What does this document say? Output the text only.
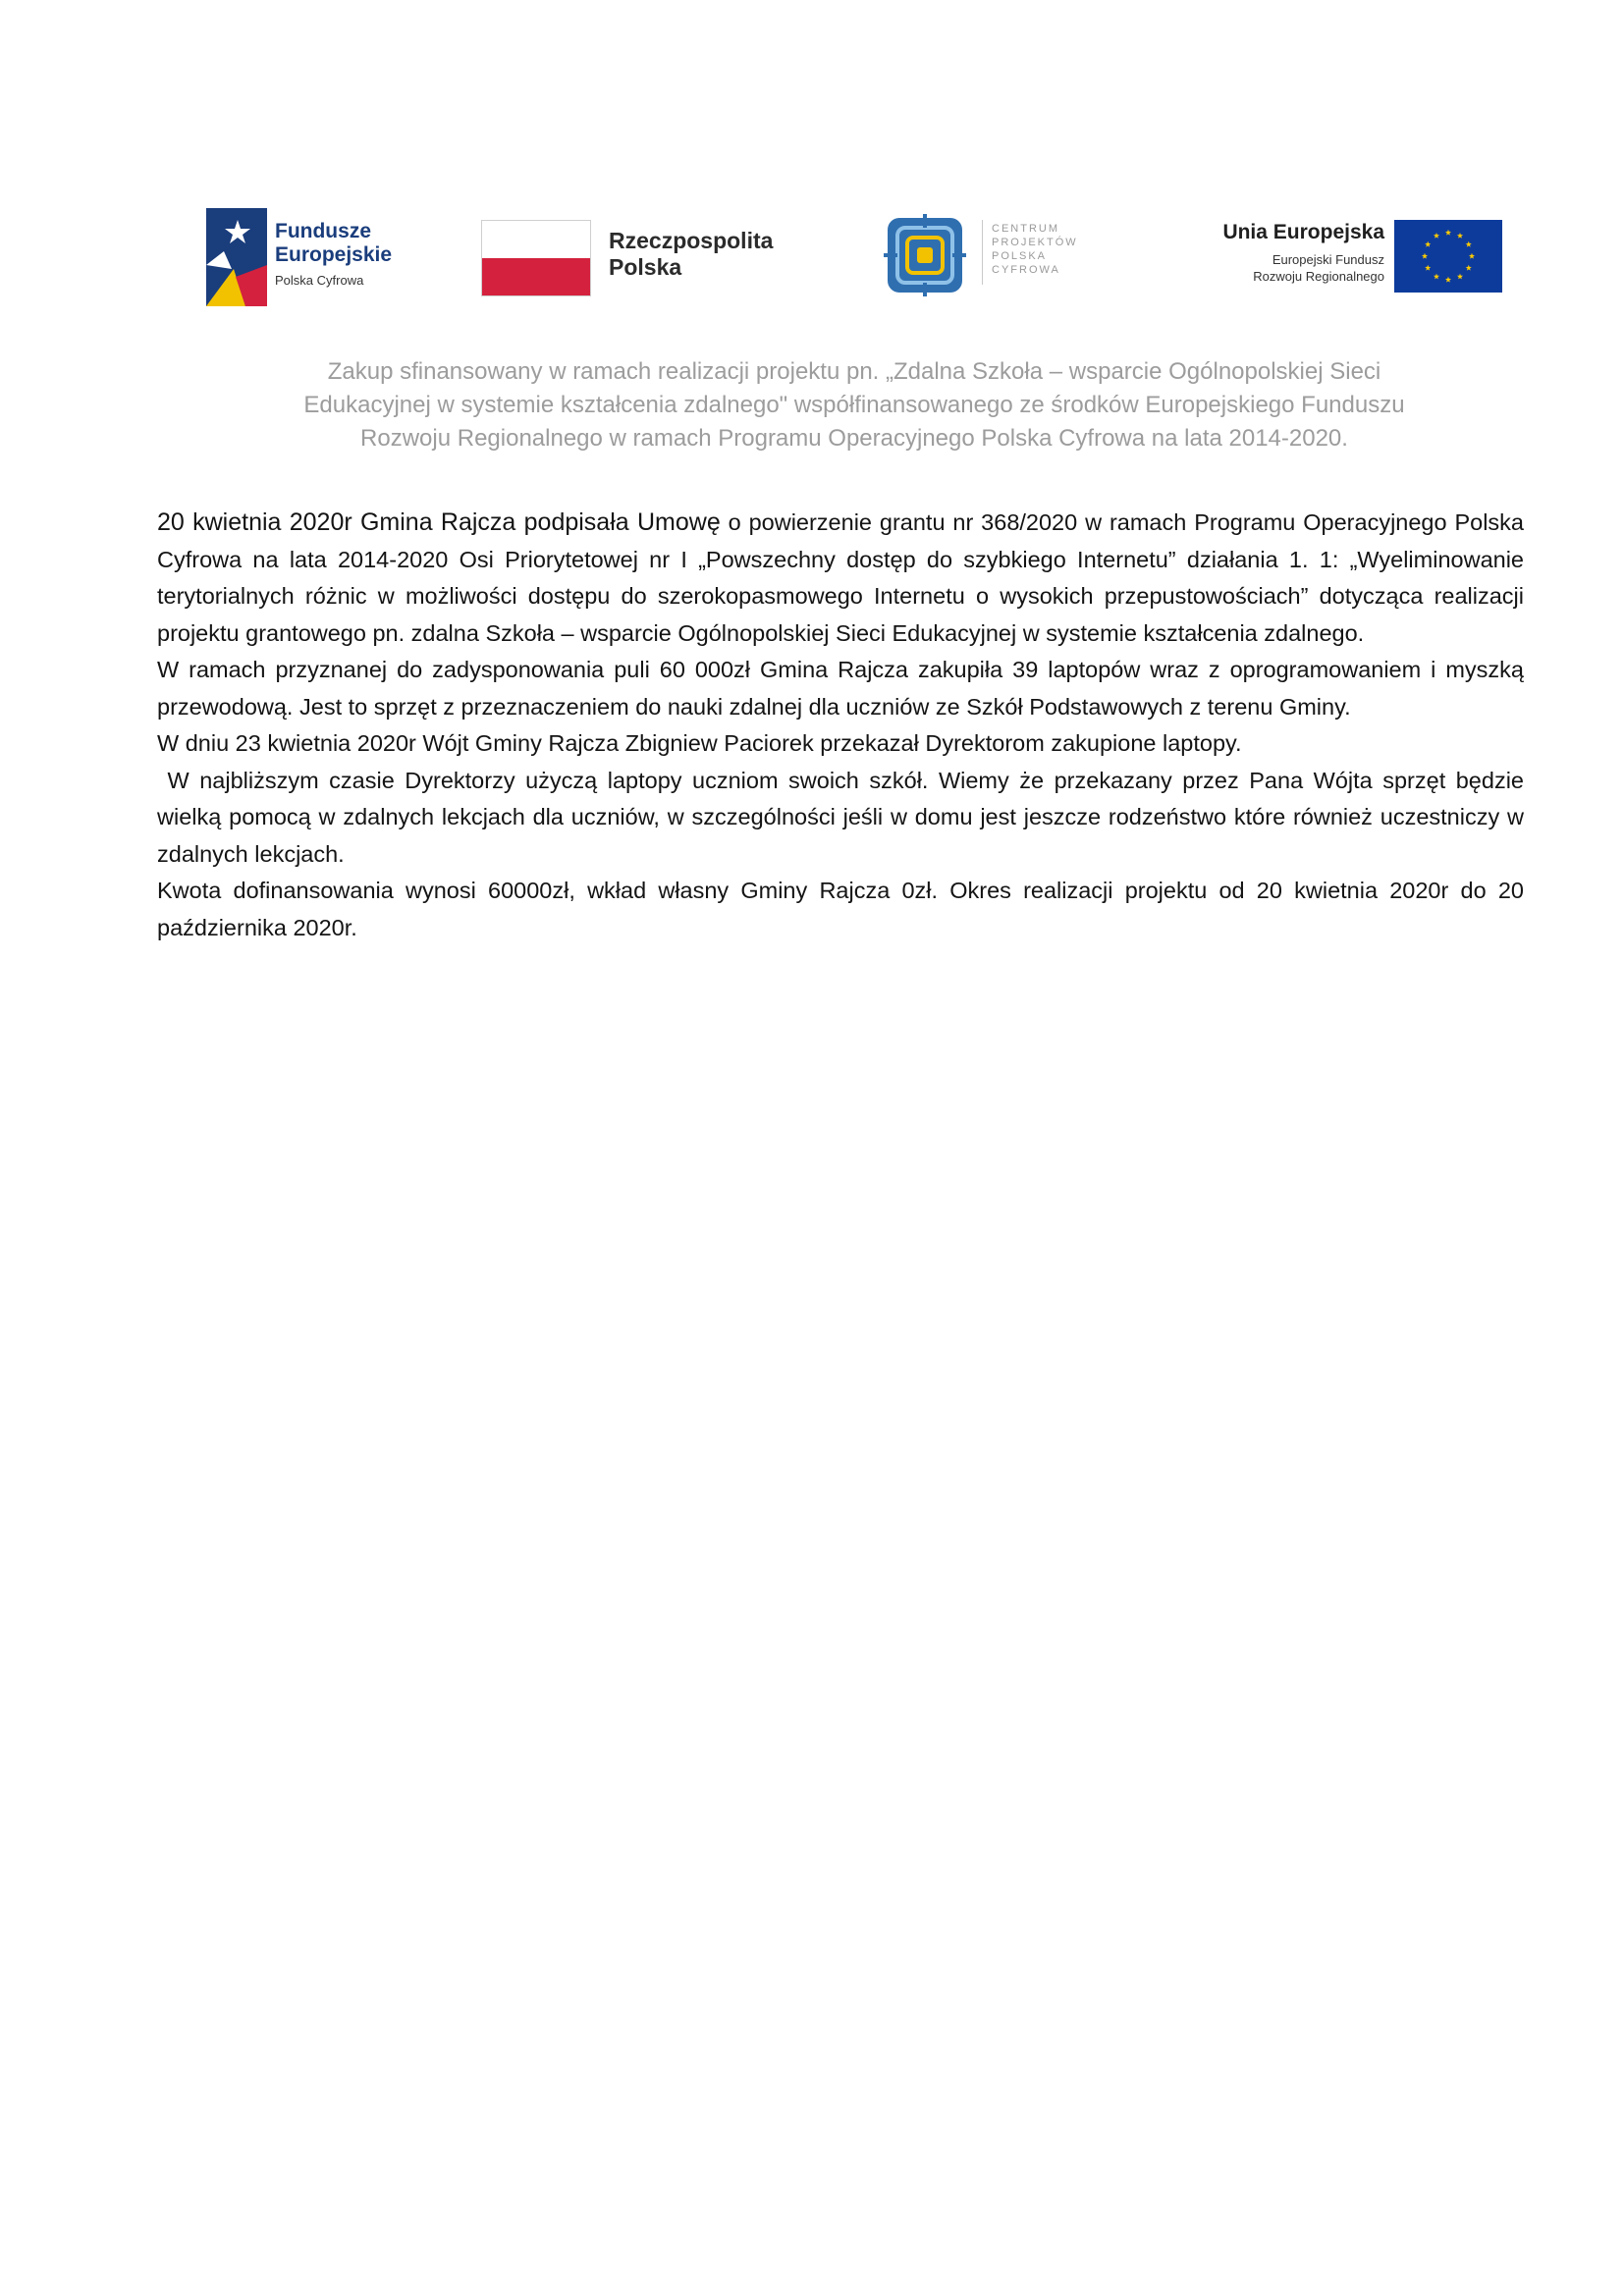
Fundusze
Europejskie
Polska Cyfrowa
Rzeczpospolita
Polska
CENTRUM
PROJEKTÓW
POLSKA
CYFROWA
Unia Europejska
Europejski Fundusz
Rozwoju Regionalnego
Zakup sfinansowany w ramach realizacji projektu pn. „Zdalna Szkoła – wsparcie Ogólnopolskiej Sieci
Edukacyjnej w systemie kształcenia zdalnego" współfinansowanego ze środków Europejskiego Funduszu
Rozwoju Regionalnego w ramach Programu Operacyjnego Polska Cyfrowa na lata 2014-2020.

20 kwietnia 2020r Gmina Rajcza podpisała Umowę o powierzenie grantu nr 368/2020 w ramach Programu Operacyjnego Polska Cyfrowa na lata 2014-2020 Osi Priorytetowej nr I „Powszechny dostęp do szybkiego Internetu” działania 1. 1: „Wyeliminowanie terytorialnych różnic w możliwości dostępu do szerokopasmowego Internetu o wysokich przepustowościach” dotycząca realizacji projektu grantowego pn. zdalna Szkoła – wsparcie Ogólnopolskiej Sieci Edukacyjnej w systemie kształcenia zdalnego.

W ramach przyznanej do zadysponowania puli 60 000zł Gmina Rajcza zakupiła 39 laptopów wraz z oprogramowaniem i myszką przewodową. Jest to sprzęt z przeznaczeniem do nauki zdalnej dla uczniów ze Szkół Podstawowych z terenu Gminy.

W dniu 23 kwietnia 2020r Wójt Gminy Rajcza Zbigniew Paciorek przekazał Dyrektorom zakupione laptopy.

W najbliższym czasie Dyrektorzy użyczą laptopy uczniom swoich szkół. Wiemy że przekazany przez Pana Wójta sprzęt będzie wielką pomocą w zdalnych lekcjach dla uczniów, w szczególności jeśli w domu jest jeszcze rodzeństwo które również uczestniczy w zdalnych lekcjach.

Kwota dofinansowania wynosi 60000zł, wkład własny Gminy Rajcza 0zł. Okres realizacji projektu od 20 kwietnia 2020r do 20 października 2020r.
